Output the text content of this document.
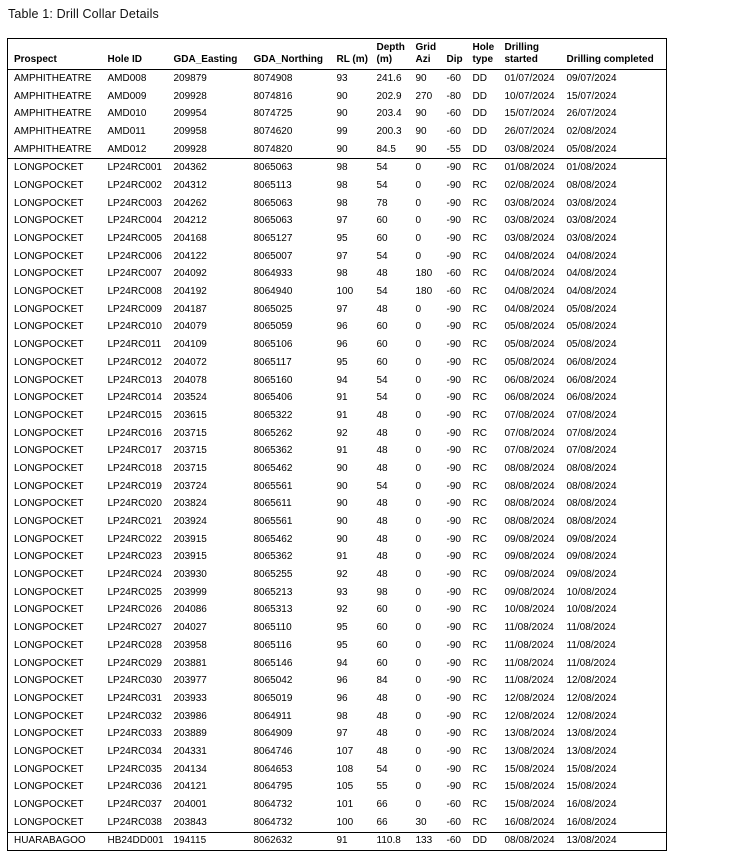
Table 1: Drill Collar Details
Prospect	Hole ID	GDA_Easting	GDA_Northing	RL (m)	Depth (m)	Grid Azi	Dip	Hole type	Drilling started	Drilling completed
AMPHITHEATRE	AMD008	209879	8074908	93	241.6	90	-60	DD	01/07/2024	09/07/2024
AMPHITHEATRE	AMD009	209928	8074816	90	202.9	270	-80	DD	10/07/2024	15/07/2024
AMPHITHEATRE	AMD010	209954	8074725	90	203.4	90	-60	DD	15/07/2024	26/07/2024
AMPHITHEATRE	AMD011	209958	8074620	99	200.3	90	-60	DD	26/07/2024	02/08/2024
AMPHITHEATRE	AMD012	209928	8074820	90	84.5	90	-55	DD	03/08/2024	05/08/2024
LONGPOCKET	LP24RC001	204362	8065063	98	54	0	-90	RC	01/08/2024	01/08/2024
LONGPOCKET	LP24RC002	204312	8065113	98	54	0	-90	RC	02/08/2024	08/08/2024
LONGPOCKET	LP24RC003	204262	8065063	98	78	0	-90	RC	03/08/2024	03/08/2024
LONGPOCKET	LP24RC004	204212	8065063	97	60	0	-90	RC	03/08/2024	03/08/2024
LONGPOCKET	LP24RC005	204168	8065127	95	60	0	-90	RC	03/08/2024	03/08/2024
LONGPOCKET	LP24RC006	204122	8065007	97	54	0	-90	RC	04/08/2024	04/08/2024
LONGPOCKET	LP24RC007	204092	8064933	98	48	180	-60	RC	04/08/2024	04/08/2024
LONGPOCKET	LP24RC008	204192	8064940	100	54	180	-60	RC	04/08/2024	04/08/2024
LONGPOCKET	LP24RC009	204187	8065025	97	48	0	-90	RC	04/08/2024	05/08/2024
LONGPOCKET	LP24RC010	204079	8065059	96	60	0	-90	RC	05/08/2024	05/08/2024
LONGPOCKET	LP24RC011	204109	8065106	96	60	0	-90	RC	05/08/2024	05/08/2024
LONGPOCKET	LP24RC012	204072	8065117	95	60	0	-90	RC	05/08/2024	06/08/2024
LONGPOCKET	LP24RC013	204078	8065160	94	54	0	-90	RC	06/08/2024	06/08/2024
LONGPOCKET	LP24RC014	203524	8065406	91	54	0	-90	RC	06/08/2024	06/08/2024
LONGPOCKET	LP24RC015	203615	8065322	91	48	0	-90	RC	07/08/2024	07/08/2024
LONGPOCKET	LP24RC016	203715	8065262	92	48	0	-90	RC	07/08/2024	07/08/2024
LONGPOCKET	LP24RC017	203715	8065362	91	48	0	-90	RC	07/08/2024	07/08/2024
LONGPOCKET	LP24RC018	203715	8065462	90	48	0	-90	RC	08/08/2024	08/08/2024
LONGPOCKET	LP24RC019	203724	8065561	90	54	0	-90	RC	08/08/2024	08/08/2024
LONGPOCKET	LP24RC020	203824	8065611	90	48	0	-90	RC	08/08/2024	08/08/2024
LONGPOCKET	LP24RC021	203924	8065561	90	48	0	-90	RC	08/08/2024	08/08/2024
LONGPOCKET	LP24RC022	203915	8065462	90	48	0	-90	RC	09/08/2024	09/08/2024
LONGPOCKET	LP24RC023	203915	8065362	91	48	0	-90	RC	09/08/2024	09/08/2024
LONGPOCKET	LP24RC024	203930	8065255	92	48	0	-90	RC	09/08/2024	09/08/2024
LONGPOCKET	LP24RC025	203999	8065213	93	98	0	-90	RC	09/08/2024	10/08/2024
LONGPOCKET	LP24RC026	204086	8065313	92	60	0	-90	RC	10/08/2024	10/08/2024
LONGPOCKET	LP24RC027	204027	8065110	95	60	0	-90	RC	11/08/2024	11/08/2024
LONGPOCKET	LP24RC028	203958	8065116	95	60	0	-90	RC	11/08/2024	11/08/2024
LONGPOCKET	LP24RC029	203881	8065146	94	60	0	-90	RC	11/08/2024	11/08/2024
LONGPOCKET	LP24RC030	203977	8065042	96	84	0	-90	RC	11/08/2024	12/08/2024
LONGPOCKET	LP24RC031	203933	8065019	96	48	0	-90	RC	12/08/2024	12/08/2024
LONGPOCKET	LP24RC032	203986	8064911	98	48	0	-90	RC	12/08/2024	12/08/2024
LONGPOCKET	LP24RC033	203889	8064909	97	48	0	-90	RC	13/08/2024	13/08/2024
LONGPOCKET	LP24RC034	204331	8064746	107	48	0	-90	RC	13/08/2024	13/08/2024
LONGPOCKET	LP24RC035	204134	8064653	108	54	0	-90	RC	15/08/2024	15/08/2024
LONGPOCKET	LP24RC036	204121	8064795	105	55	0	-90	RC	15/08/2024	15/08/2024
LONGPOCKET	LP24RC037	204001	8064732	101	66	0	-60	RC	15/08/2024	16/08/2024
LONGPOCKET	LP24RC038	203843	8064732	100	66	30	-60	RC	16/08/2024	16/08/2024
HUARABAGOO	HB24DD001	194115	8062632	91	110.8	133	-60	DD	08/08/2024	13/08/2024
